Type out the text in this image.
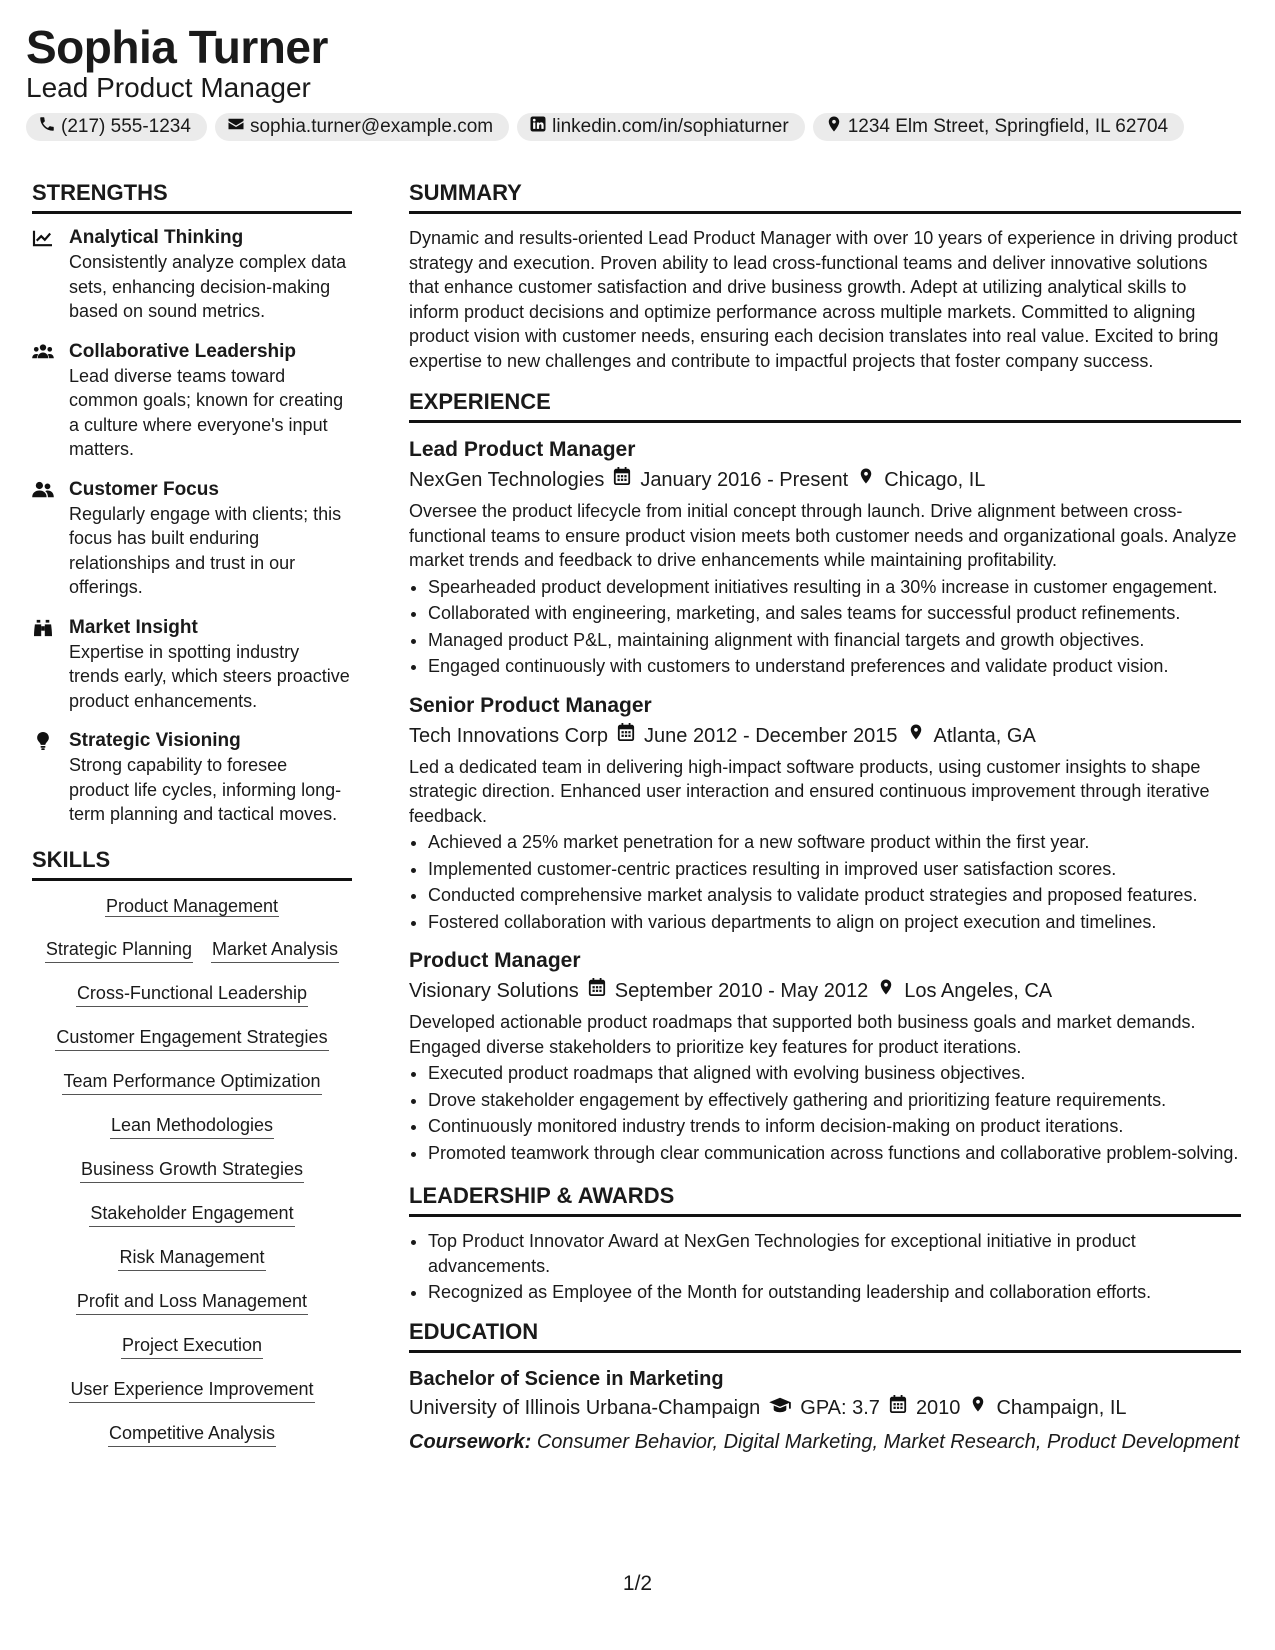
Sophia Turner
Lead Product Manager
(217) 555-1234	sophia.turner@example.com	linkedin.com/in/sophiaturner	1234 Elm Street, Springfield, IL 62704
STRENGTHS
Analytical Thinking
Consistently analyze complex data sets, enhancing decision-making based on sound metrics.
Collaborative Leadership
Lead diverse teams toward common goals; known for creating a culture where everyone's input matters.
Customer Focus
Regularly engage with clients; this focus has built enduring relationships and trust in our offerings.
Market Insight
Expertise in spotting industry trends early, which steers proactive product enhancements.
Strategic Visioning
Strong capability to foresee product life cycles, informing long-term planning and tactical moves.
SKILLS
Product Management
Strategic Planning Market Analysis
Cross-Functional Leadership
Customer Engagement Strategies
Team Performance Optimization
Lean Methodologies
Business Growth Strategies
Stakeholder Engagement
Risk Management
Profit and Loss Management
Project Execution
User Experience Improvement
Competitive Analysis
SUMMARY
Dynamic and results-oriented Lead Product Manager with over 10 years of experience in driving product strategy and execution. Proven ability to lead cross-functional teams and deliver innovative solutions that enhance customer satisfaction and drive business growth. Adept at utilizing analytical skills to inform product decisions and optimize performance across multiple markets. Committed to aligning product vision with customer needs, ensuring each decision translates into real value. Excited to bring expertise to new challenges and contribute to impactful projects that foster company success.
EXPERIENCE
Lead Product Manager
NexGen Technologies January 2016 - Present Chicago, IL
Oversee the product lifecycle from initial concept through launch. Drive alignment between cross-functional teams to ensure product vision meets both customer needs and organizational goals. Analyze market trends and feedback to drive enhancements while maintaining profitability.
• Spearheaded product development initiatives resulting in a 30% increase in customer engagement.
• Collaborated with engineering, marketing, and sales teams for successful product refinements.
• Managed product P&L, maintaining alignment with financial targets and growth objectives.
• Engaged continuously with customers to understand preferences and validate product vision.
Senior Product Manager
Tech Innovations Corp June 2012 - December 2015 Atlanta, GA
Led a dedicated team in delivering high-impact software products, using customer insights to shape strategic direction. Enhanced user interaction and ensured continuous improvement through iterative feedback.
• Achieved a 25% market penetration for a new software product within the first year.
• Implemented customer-centric practices resulting in improved user satisfaction scores.
• Conducted comprehensive market analysis to validate product strategies and proposed features.
• Fostered collaboration with various departments to align on project execution and timelines.
Product Manager
Visionary Solutions September 2010 - May 2012 Los Angeles, CA
Developed actionable product roadmaps that supported both business goals and market demands. Engaged diverse stakeholders to prioritize key features for product iterations.
• Executed product roadmaps that aligned with evolving business objectives.
• Drove stakeholder engagement by effectively gathering and prioritizing feature requirements.
• Continuously monitored industry trends to inform decision-making on product iterations.
• Promoted teamwork through clear communication across functions and collaborative problem-solving.
LEADERSHIP & AWARDS
• Top Product Innovator Award at NexGen Technologies for exceptional initiative in product advancements.
• Recognized as Employee of the Month for outstanding leadership and collaboration efforts.
EDUCATION
Bachelor of Science in Marketing
University of Illinois Urbana-Champaign GPA: 3.7 2010 Champaign, IL
Coursework: Consumer Behavior, Digital Marketing, Market Research, Product Development
1/2
